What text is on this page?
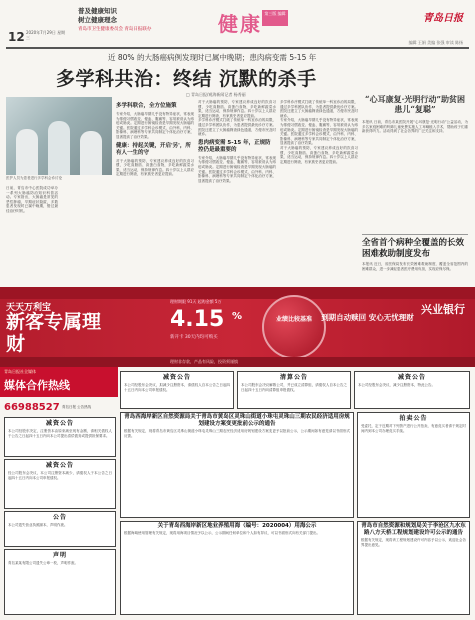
12 2020年7月29日 星期三
普及健康知识
树立健康理念
青岛市卫生健康委员会 青岛日报联办	健康 第三版 编辑	青岛日报
编辑 王娟 美编 张强 审读 陈扬
近 80% 的大肠癌病例发现时已属中晚期；患肉病变需 5-15 年
多学科共治：终结 沉默的杀手
□ 青岛日报/观海新闻记者 杨秀丽
医护人员为患者进行多学科会诊讨论
日前，青岛市中心医院成功举办一系列大肠癌防治知识科普活动。专家指出，大肠癌是常见的恶性肿瘤，早期症状隐匿，多数患者发现时已属中晚期，错过最佳治疗时机。
多学科联合，全方位施策
专家介绍，大肠癌早期几乎没有特异症状，常表现为排便习惯改变、便血、腹痛等，容易被误认为痔疮或肠炎。定期进行肠镜检查是早期发现大肠癌的关键。医院通过多学科会诊模式，由外科、内科、影像科、病理科等专家共同制定个体化治疗方案，显著提高了治疗效果。
健康：持起关键，开启'另'，所有人一生的守
对于大肠癌的预防，专家建议养成良好的饮食习惯，少吃高脂肪、高蛋白食物，多吃新鲜蔬菜水果，适当运动，保持规律作息。四十岁以上人群应定期进行筛查，有家族史者更应提前。
对于大肠癌的预防，专家建议养成良好的饮食习惯，少吃高脂肪、高蛋白食物，多吃新鲜蔬菜水果，适当运动，保持规律作息。四十岁以上人群应定期进行筛查，有家族史者更应提前。
多学科诊疗模式打破了传统单一科室诊治的局限，通过多学科团队协作，为患者提供最优诊疗方案。医院还建立了大肠癌筛查绿色通道，方便市民及时就诊。
患肉病变需 5-15 年，正规防控仍是最重要的
专家介绍，大肠癌早期几乎没有特异症状，常表现为排便习惯改变、便血、腹痛等，容易被误认为痔疮或肠炎。定期进行肠镜检查是早期发现大肠癌的关键。医院通过多学科会诊模式，由外科、内科、影像科、病理科等专家共同制定个体化治疗方案，显著提高了治疗效果。
多学科诊疗模式打破了传统单一科室诊治的局限，通过多学科团队协作，为患者提供最优诊疗方案。医院还建立了大肠癌筛查绿色通道，方便市民及时就诊。
专家介绍，大肠癌早期几乎没有特异症状，常表现为排便习惯改变、便血、腹痛等，容易被误认为痔疮或肠炎。定期进行肠镜检查是早期发现大肠癌的关键。医院通过多学科会诊模式，由外科、内科、影像科、病理科等专家共同制定个体化治疗方案，显著提高了治疗效果。
对于大肠癌的预防，专家建议养成良好的饮食习惯，少吃高脂肪、高蛋白食物，多吃新鲜蔬菜水果，适当运动，保持规律作息。四十岁以上人群应定期进行筛查，有家族史者更应提前。
“心耳康复·光明行动”助贫困患儿“复聪”
本报讯 日前，青岛市某医院开展“心耳康复·光明行动”公益活动，为多名家庭困难的听障儿童免费实施人工耳蜗植入手术，帮助孩子们重新获得听力。活动得到了社会各界的广泛关注和支持。
全省首个病种全覆盖的长效困难救助制度发布
本报讯 近日，省医保局发布长效困难救助制度，覆盖全省范围内的困难群众，进一步减轻患者医疗费用负担，实现应保尽保。
天天万利宝
新客专属理财
理财期限 91天 起购金额 5万
4.15 %
新开卡 30天内均可购买
业绩比较基准	到期自动赎回 安心无忧理财
兴业银行
理财非存款，产品有风险，投资须谨慎
青岛日报社全媒体
媒体合作热线
66988527 青岛日报 公告热线
减资公告
本公司经股东决定，注册资本由原来减至现有金额，请相关债权人于公告之日起四十五日内向本公司提出清偿债务或提供担保要求。
减资公告
经公司股东会决议，本公司注册资本减少，请债权人于本公告之日起四十五日内向本公司申报债权。
公告
本公司遗失营业执照副本，声明作废。
声明
青岛某某有限公司遗失公章一枚，声明作废。
减资公告
本公司经股东会决议，拟减少注册资本，请债权人自本公告之日起四十五日内向本公司申报债权。
清算公告
本公司股东会决议解散公司，并已成立清算组，请债权人自本公告之日起四十五日内向清算组申报债权。
减资公告
本公司经股东会决议，减少注册资本，特此公告。
青岛西海岸新区自然资源局关于青岛市黄岛区灵珠山街道小珠屯灵珠山三期农民经济适用房规划建设方案变更批前公示的通告
根据有关规定，现将青岛市黄岛区灵珠山街道小珠屯灵珠山三期农民经济适用房规划建设方案变更予以批前公示，公示期间如有意见请以书面形式反馈。
拍卖公告
受委托，定于近期对下列资产进行公开拍卖，有意竞买者请于规定时间内到本公司办理竞买手续。
关于青岛西海岸新区地业养殖用海（编号：2020004）用海公示
根据海域使用管理有关规定，现将用海项目情况予以公示，公示期间任何单位和个人如有异议，可以书面形式向有关部门提出。
青岛市自然资源和规划局关于李沧区九水东路八方天桥工程规划建设许可公示的通告
根据有关规定，现将该工程规划建设许可内容予以公示，欢迎社会各界提出意见。
